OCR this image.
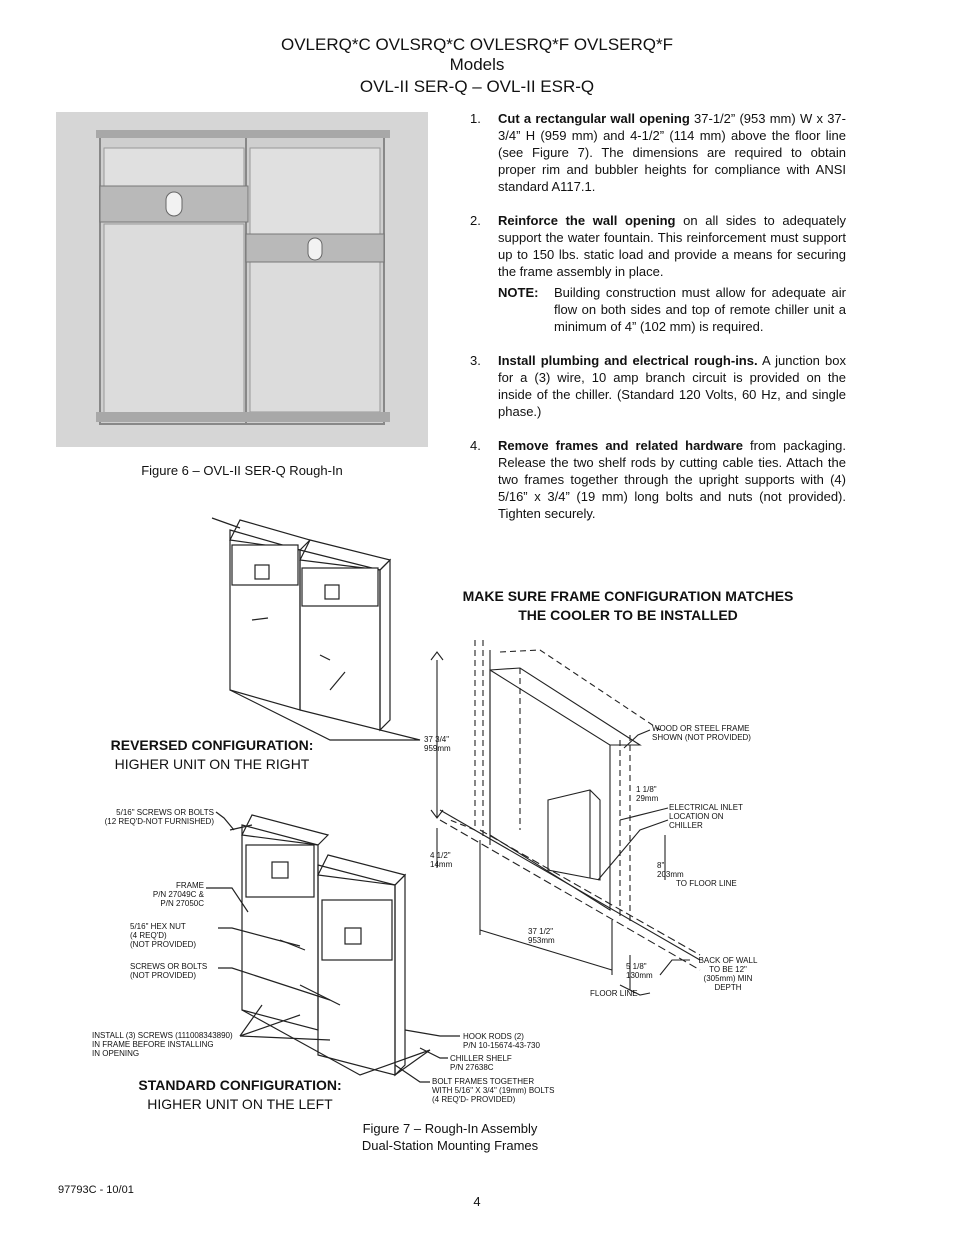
OVLERQ*C OVLSRQ*C OVLESRQ*F OVLSERQ*F
Models
OVL-II SER-Q – OVL-II ESR-Q
Figure 6 – OVL-II SER-Q Rough-In
1. Cut a rectangular wall opening 37-1/2” (953 mm) W x 37-3/4” H (959 mm) and 4-1/2” (114 mm) above the floor line (see Figure 7). The dimensions are required to obtain proper rim and bubbler heights for compliance with ANSI standard A117.1.
2. Reinforce the wall opening on all sides to adequately support the water fountain. This reinforcement must support up to 150 lbs. static load and provide a means for securing the frame assembly in place.
NOTE: Building construction must allow for adequate air flow on both sides and top of remote chiller unit a minimum of 4” (102 mm) is required.
3. Install plumbing and electrical rough-ins. A junction box for a (3) wire, 10 amp branch circuit is provided on the inside of the chiller. (Standard 120 Volts, 60 Hz, and single phase.)
4. Remove frames and related hardware from packaging. Release the two shelf rods by cutting cable ties. Attach the two frames together through the upright supports with (4) 5/16” x 3/4” (19 mm) long bolts and nuts (not provided). Tighten securely.
MAKE SURE FRAME CONFIGURATION MATCHES
THE COOLER TO BE INSTALLED
REVERSED CONFIGURATION:
HIGHER UNIT ON THE RIGHT
STANDARD CONFIGURATION:
HIGHER UNIT ON THE LEFT
5/16" SCREWS OR BOLTS
(12 REQ'D-NOT FURNISHED)
FRAME
P/N 27049C &
P/N 27050C
5/16" HEX NUT
(4 REQ'D)
(NOT PROVIDED)
SCREWS OR BOLTS
(NOT PROVIDED)
INSTALL (3) SCREWS (111008343890)
IN FRAME BEFORE INSTALLING
IN OPENING
HOOK RODS (2)
P/N 10-15674-43-730
CHILLER SHELF
P/N 27638C
BOLT FRAMES TOGETHER
WITH 5/16" X 3/4" (19mm) BOLTS
(4 REQ'D- PROVIDED)
37 3/4"
959mm
WOOD OR STEEL FRAME
SHOWN (NOT PROVIDED)
1 1/8"
29mm
ELECTRICAL INLET
LOCATION ON
CHILLER
4 1/2"
14mm	8"
203mm
TO FLOOR LINE
37 1/2"
953mm
5 1/8"
130mm
BACK OF WALL
TO BE 12"
(305mm) MIN
DEPTH
FLOOR LINE
Figure 7 – Rough-In Assembly
Dual-Station Mounting Frames
97793C - 10/01
4
